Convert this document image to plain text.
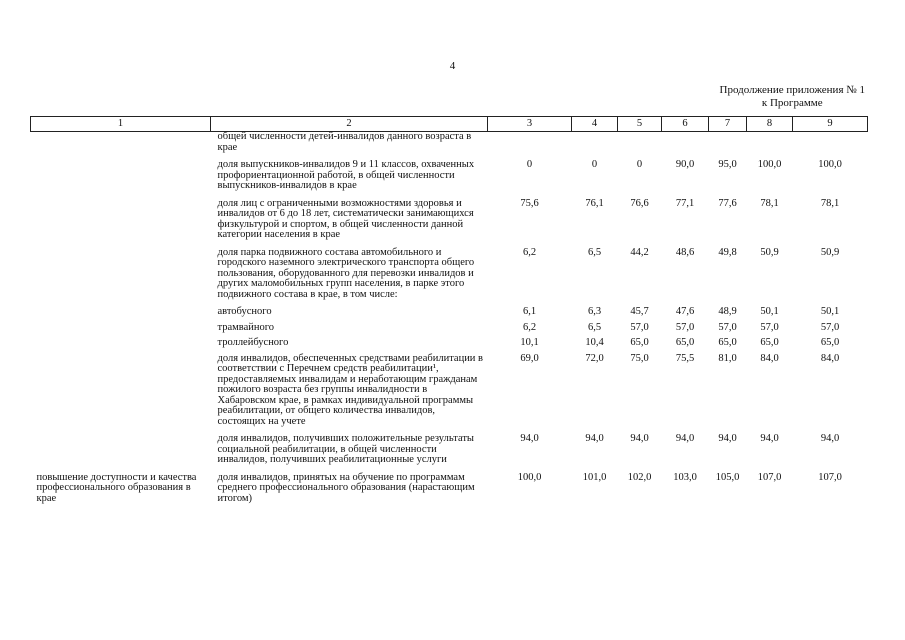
4
Продолжение приложения № 1
к Программе
1	2	3	4	5	6	7	8	9
	общей численности детей-инвалидов данного возраста в крае							
	доля выпускников-инвалидов 9 и 11 классов, охваченных профориентационной работой, в общей численности выпускников-инвалидов в крае	0	0	0	90,0	95,0	100,0	100,0
	доля лиц с ограниченными возможностями здоровья и инвалидов от 6 до 18 лет, систематически занимающихся физкультурой и спортом, в общей численности данной категории населения в крае	75,6	76,1	76,6	77,1	77,6	78,1	78,1
	доля парка подвижного состава автомобильного и городского наземного электрического транспорта общего пользования, оборудованного для перевозки инвалидов и других маломобильных групп населения, в парке этого подвижного состава в крае, в том числе:	6,2	6,5	44,2	48,6	49,8	50,9	50,9
	автобусного	6,1	6,3	45,7	47,6	48,9	50,1	50,1
	трамвайного	6,2	6,5	57,0	57,0	57,0	57,0	57,0
	троллейбусного	10,1	10,4	65,0	65,0	65,0	65,0	65,0
	доля инвалидов, обеспеченных средствами реабилитации в соответствии с Перечнем средств реабилитации¹, предоставляемых инвалидам и неработающим гражданам пожилого возраста без группы инвалидности в Хабаровском крае, в рамках индивидуальной программы реабилитации, от общего количества инвалидов, состоящих на учете	69,0	72,0	75,0	75,5	81,0	84,0	84,0
	доля инвалидов, получивших положительные результаты социальной реабилитации, в общей численности инвалидов, получивших реабилитационные услуги	94,0	94,0	94,0	94,0	94,0	94,0	94,0
повышение доступности и качества профессионального образования в крае	доля инвалидов, принятых на обучение по программам среднего профессионального образования (нарастающим итогом)	100,0	101,0	102,0	103,0	105,0	107,0	107,0
